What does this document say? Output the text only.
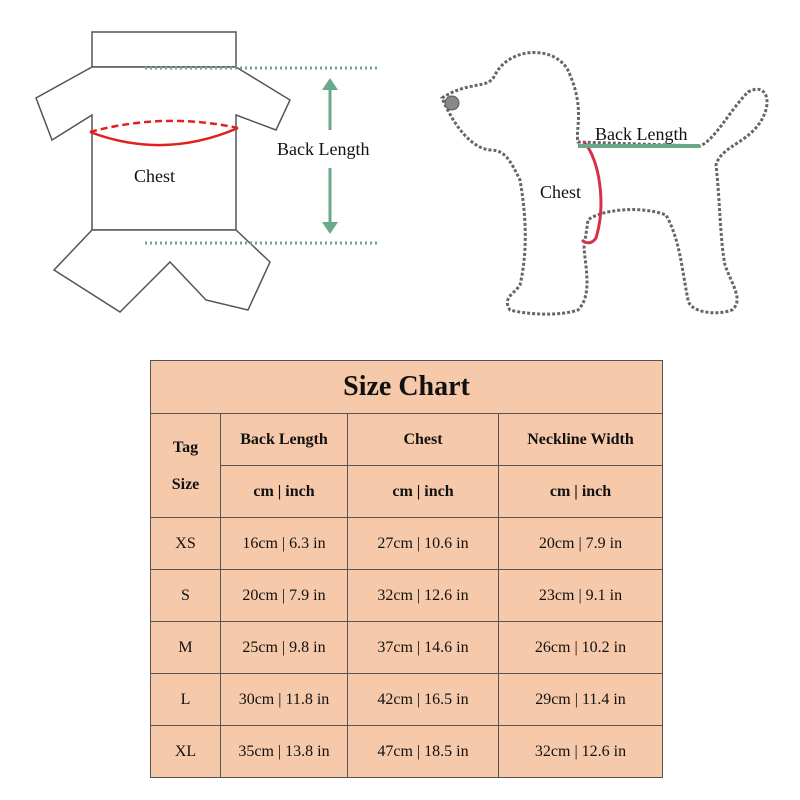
Chest
Back Length
Chest
Back Length
Size Chart			

Tag
Size	Back Length	Chest	Neckline Width
	cm | inch	cm | inch	cm | inch
XS	16cm | 6.3 in	27cm | 10.6 in	20cm | 7.9 in
S	20cm | 7.9 in	32cm | 12.6 in	23cm | 9.1 in
M	25cm | 9.8 in	37cm | 14.6 in	26cm | 10.2 in
L	30cm | 11.8 in	42cm | 16.5 in	29cm | 11.4 in
XL	35cm | 13.8 in	47cm | 18.5 in	32cm | 12.6 in
